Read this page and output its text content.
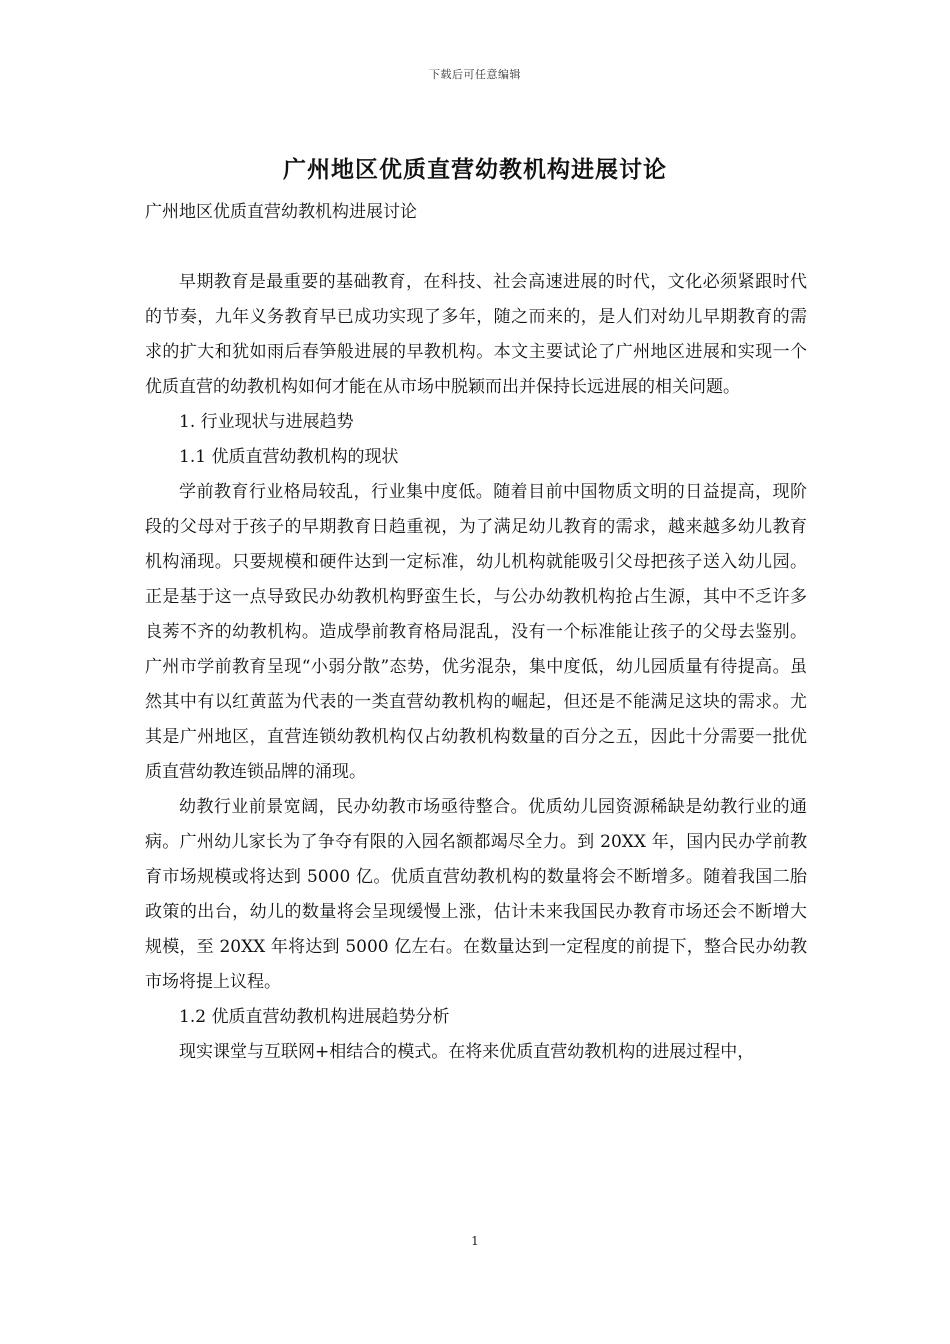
下载后可任意编辑
广州地区优质直营幼教机构进展讨论

广州地区优质直营幼教机构进展讨论

早期教育是最重要的基础教育，在科技、社会高速进展的时代，文化必须紧跟时代的节奏，九年义务教育早已成功实现了多年，随之而来的，是人们对幼儿早期教育的需求的扩大和犹如雨后春笋般进展的早教机构。本文主要试论了广州地区进展和实现一个优质直营的幼教机构如何才能在从市场中脱颖而出并保持长远进展的相关问题。

1. 行业现状与进展趋势

1.1 优质直营幼教机构的现状

学前教育行业格局较乱，行业集中度低。随着目前中国物质文明的日益提高，现阶段的父母对于孩子的早期教育日趋重视，为了满足幼儿教育的需求，越来越多幼儿教育机构涌现。只要规模和硬件达到一定标准，幼儿机构就能吸引父母把孩子送入幼儿园。正是基于这一点导致民办幼教机构野蛮生长，与公办幼教机构抢占生源，其中不乏许多良莠不齐的幼教机构。造成學前教育格局混乱，没有一个标准能让孩子的父母去鉴别。广州市学前教育呈现“小弱分散”态势，优劣混杂，集中度低，幼儿园质量有待提高。虽然其中有以红黄蓝为代表的一类直营幼教机构的崛起，但还是不能满足这块的需求。尤其是广州地区，直营连锁幼教机构仅占幼教机构数量的百分之五，因此十分需要一批优质直营幼教连锁品牌的涌现。

幼教行业前景宽阔，民办幼教市场亟待整合。优质幼儿园资源稀缺是幼教行业的通病。广州幼儿家长为了争夺有限的入园名额都竭尽全力。到 20XX 年，国内民办学前教育市场规模或将达到 5000 亿。优质直营幼教机构的数量将会不断增多。随着我国二胎政策的出台，幼儿的数量将会呈现缓慢上涨，估计未来我国民办教育市场还会不断增大规模，至 20XX 年将达到 5000 亿左右。在数量达到一定程度的前提下，整合民办幼教市场将提上议程。

1.2 优质直营幼教机构进展趋势分析

现实课堂与互联网+相结合的模式。在将来优质直营幼教机构的进展过程中，

1
